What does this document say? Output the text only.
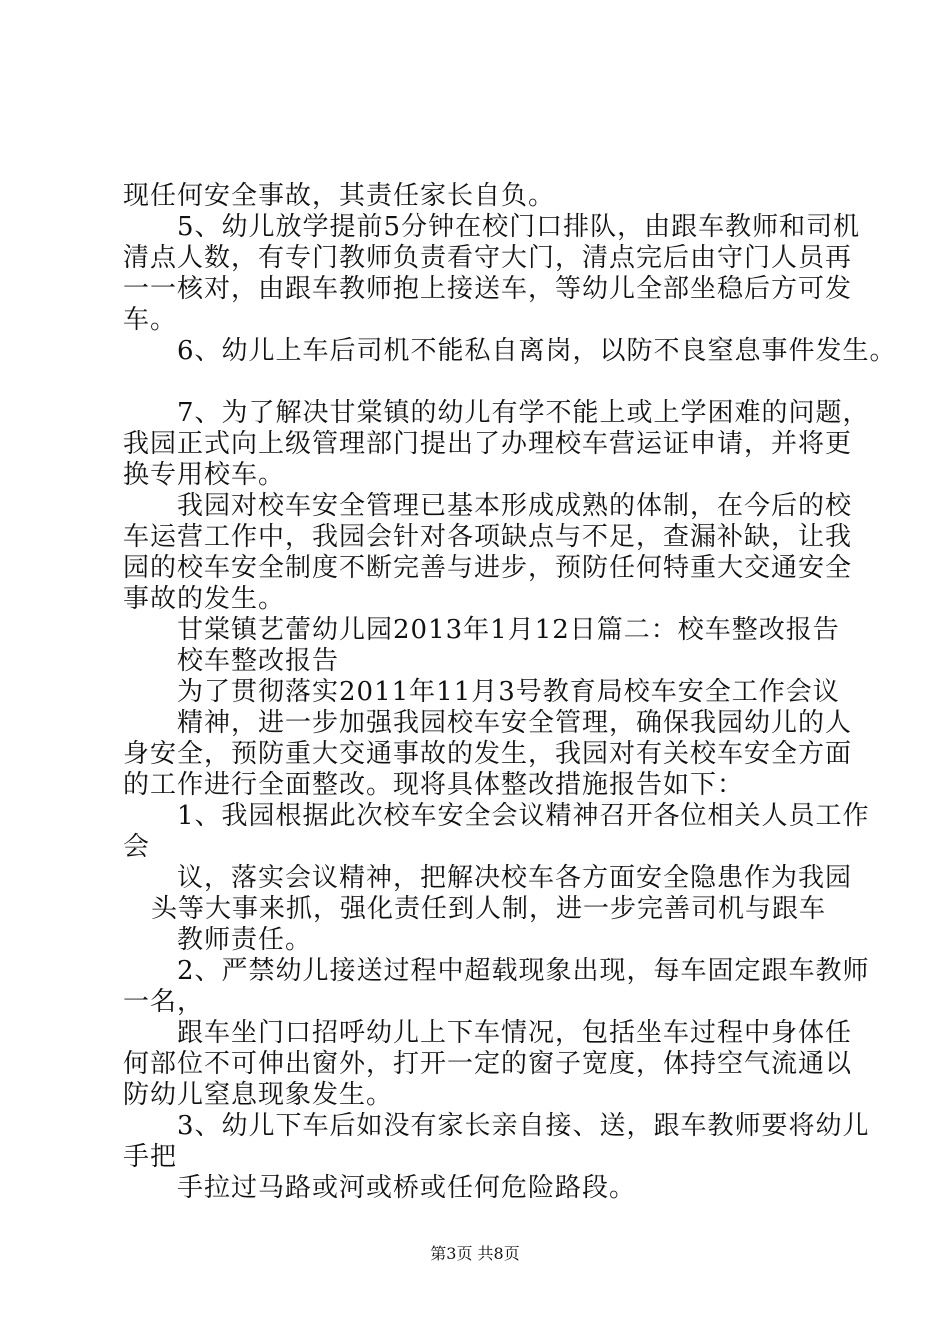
现任何安全事故，其责任家长自负。
5、幼儿放学提前5分钟在校门口排队，由跟车教师和司机
清点人数，有专门教师负责看守大门，清点完后由守门人员再
一一核对，由跟车教师抱上接送车，等幼儿全部坐稳后方可发
车。
6、幼儿上车后司机不能私自离岗，以防不良窒息事件发生。
7、为了解决甘棠镇的幼儿有学不能上或上学困难的问题，
我园正式向上级管理部门提出了办理校车营运证申请，并将更
换专用校车。
我园对校车安全管理已基本形成成熟的体制，在今后的校
车运营工作中，我园会针对各项缺点与不足，查漏补缺，让我
园的校车安全制度不断完善与进步，预防任何特重大交通安全
事故的发生。
甘棠镇艺蕾幼儿园2013年1月12日篇二：校车整改报告
校车整改报告
为了贯彻落实2011年11月3号教育局校车安全工作会议
精神，进一步加强我园校车安全管理，确保我园幼儿的人
身安全，预防重大交通事故的发生，我园对有关校车安全方面
的工作进行全面整改。现将具体整改措施报告如下：
1、我园根据此次校车安全会议精神召开各位相关人员工作
会
议，落实会议精神，把解决校车各方面安全隐患作为我园
头等大事来抓，强化责任到人制，进一步完善司机与跟车
教师责任。
2、严禁幼儿接送过程中超载现象出现，每车固定跟车教师
一名，
跟车坐门口招呼幼儿上下车情况，包括坐车过程中身体任
何部位不可伸出窗外，打开一定的窗子宽度，体持空气流通以
防幼儿窒息现象发生。
3、幼儿下车后如没有家长亲自接、送，跟车教师要将幼儿
手把
手拉过马路或河或桥或任何危险路段。
第3页 共8页
